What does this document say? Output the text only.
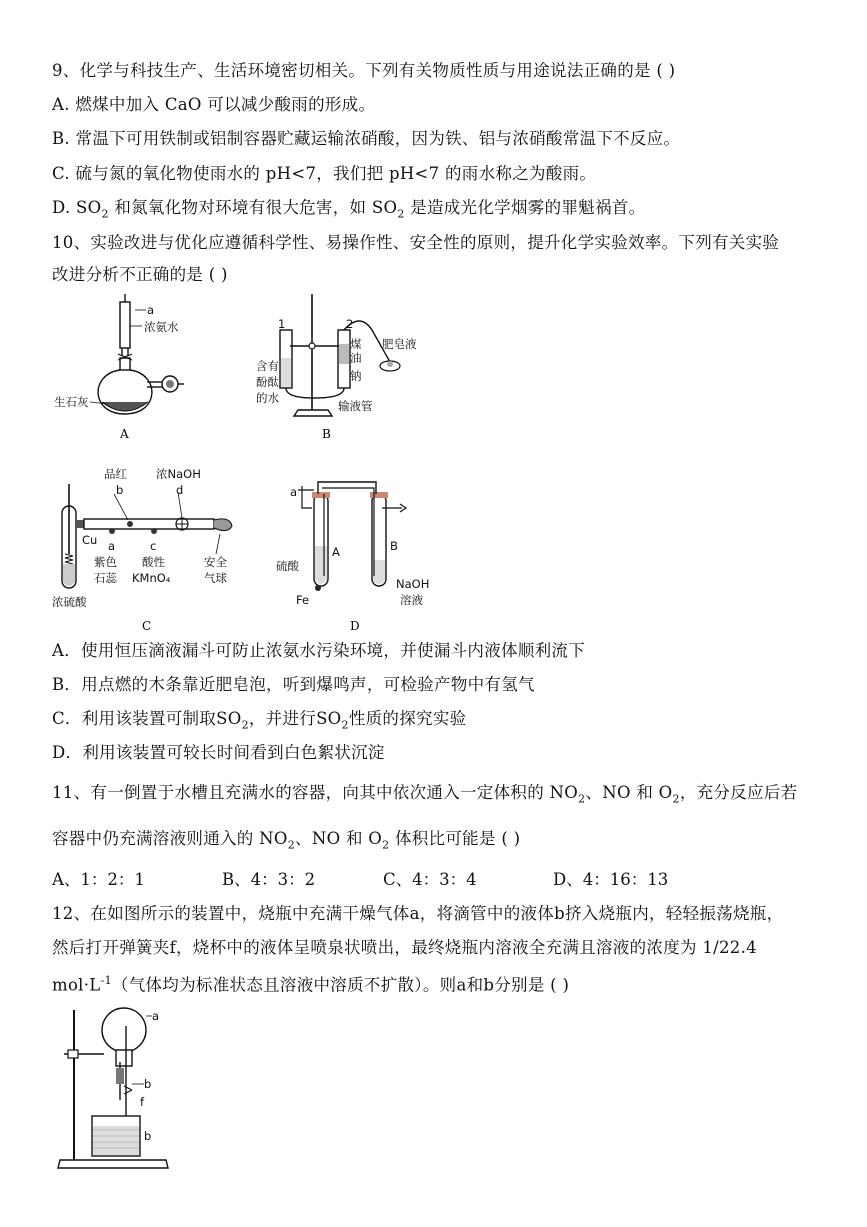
9、化学与科技生产、生活环境密切相关。下列有关物质性质与用途说法正确的是 ( )
A. 燃煤中加入 CaO 可以减少酸雨的形成。
B. 常温下可用铁制或铝制容器贮藏运输浓硝酸，因为铁、铝与浓硝酸常温下不反应。
C. 硫与氮的氧化物使雨水的 pH<7，我们把 pH<7 的雨水称之为酸雨。
D. $SO_2$ 和氮氧化物对环境有很大危害，如 $SO_2$ 是造成光化学烟雾的罪魁祸首。
10、实验改进与优化应遵循科学性、易操作性、安全性的原则，提升化学实验效率。下列有关实验
改进分析不正确的是 ( )
a
浓氨水
生石灰
A
1	2
含有
酚酞
的水
煤
油
钠
肥皂液
输液管
B
品红
b
浓NaOH
d
Cu a	c
紫色
石蕊
酸性
KMnO₄
安全
气球
浓硫酸
C
a
A	B
硫酸
Fe
NaOH
溶液
D
A．使用恒压滴液漏斗可防止浓氨水污染环境，并使漏斗内液体顺利流下
B．用点燃的木条靠近肥皂泡，听到爆鸣声，可检验产物中有氢气
C．利用该装置可制取$SO_2$，并进行$SO_2$性质的探究实验
D．利用该装置可较长时间看到白色絮状沉淀
11、有一倒置于水槽且充满水的容器，向其中依次通入一定体积的 $NO_2$、NO 和 $O_2$，充分反应后若
容器中仍充满溶液则通入的 $NO_2$、NO 和 $O_2$ 体积比可能是 ( )
A、1：2：1	B、4：3：2	C、4：3：4	D、4：16：13
12、在如图所示的装置中，烧瓶中充满干燥气体a，将滴管中的液体b挤入烧瓶内，轻轻振荡烧瓶，
然后打开弹簧夹f，烧杯中的液体呈喷泉状喷出，最终烧瓶内溶液全充满且溶液的浓度为 1/22.4
$mol\cdot L^{-1}$（气体均为标准状态且溶液中溶质不扩散）。则a和b分别是 ( )
a
b
f
b
